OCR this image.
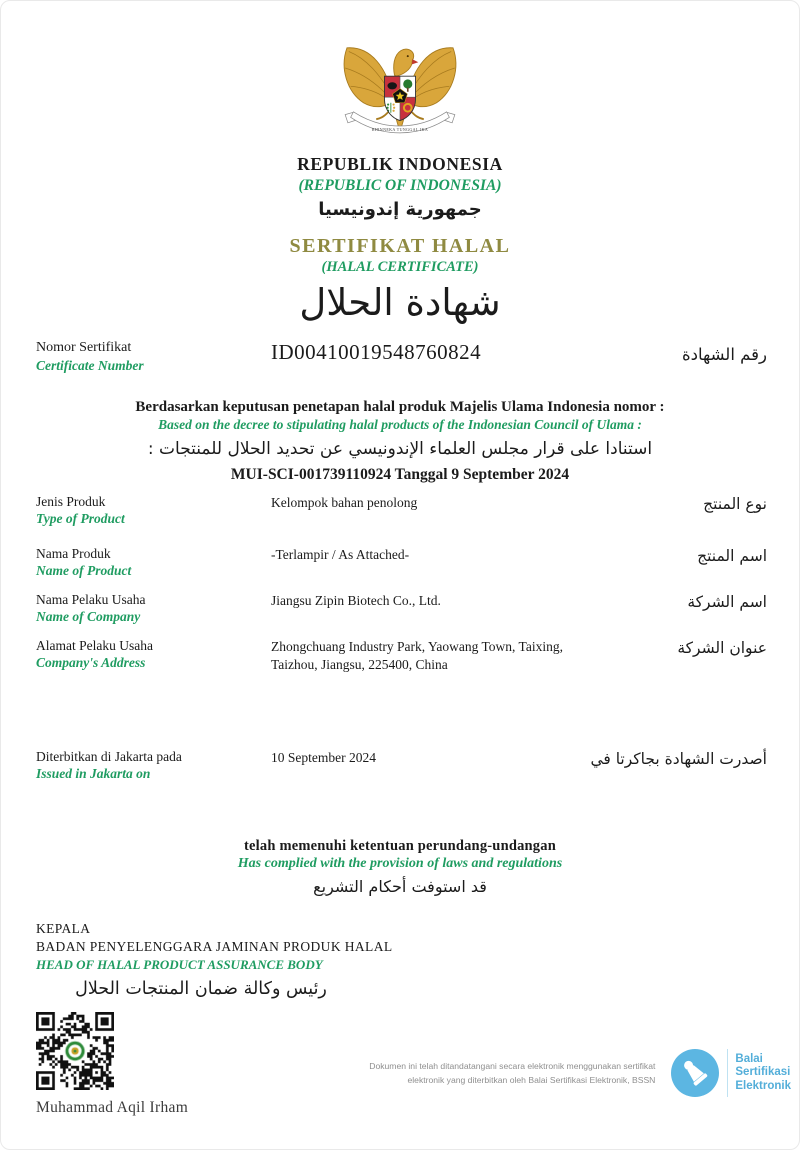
BHINNEKA TUNGGAL IKA
REPUBLIK INDONESIA
(REPUBLIC OF INDONESIA)
جمهورية إندونيسيا
SERTIFIKAT HALAL
(HALAL CERTIFICATE)
شهادة الحلال
Nomor Sertifikat
Certificate Number
ID00410019548760824	رقم الشهادة
Berdasarkan keputusan penetapan halal produk Majelis Ulama Indonesia nomor :
Based on the decree to stipulating halal products of the Indonesian Council of Ulama :
استنادا على قرار مجلس العلماء الإندونيسي عن تحديد الحلال للمنتجات :
MUI-SCI-001739110924 Tanggal 9 September 2024
Jenis Produk
Type of Product
Kelompok bahan penolong	نوع المنتج
Nama Produk
Name of Product
-Terlampir / As Attached-	اسم المنتج
Nama Pelaku Usaha
Name of Company
Jiangsu Zipin Biotech Co., Ltd.	اسم الشركة
Alamat Pelaku Usaha
Company's Address
Zhongchuang Industry Park, Yaowang Town, Taixing, Taizhou, Jiangsu, 225400, China
عنوان الشركة
Diterbitkan di Jakarta pada
Issued in Jakarta on
10 September 2024	أصدرت الشهادة بجاكرتا في
telah memenuhi ketentuan perundang-undangan
Has complied with the provision of laws and regulations
قد استوفت أحكام التشريع
KEPALA
BADAN PENYELENGGARA JAMINAN PRODUK HALAL
HEAD OF HALAL PRODUCT ASSURANCE BODY
رئيس وكالة ضمان المنتجات الحلال
Muhammad Aqil Irham
Dokumen ini telah ditandatangani secara elektronik menggunakan sertifikat
elektronik yang diterbitkan oleh Balai Sertifikasi Elektronik, BSSN
Balai
Sertifikasi
Elektronik
